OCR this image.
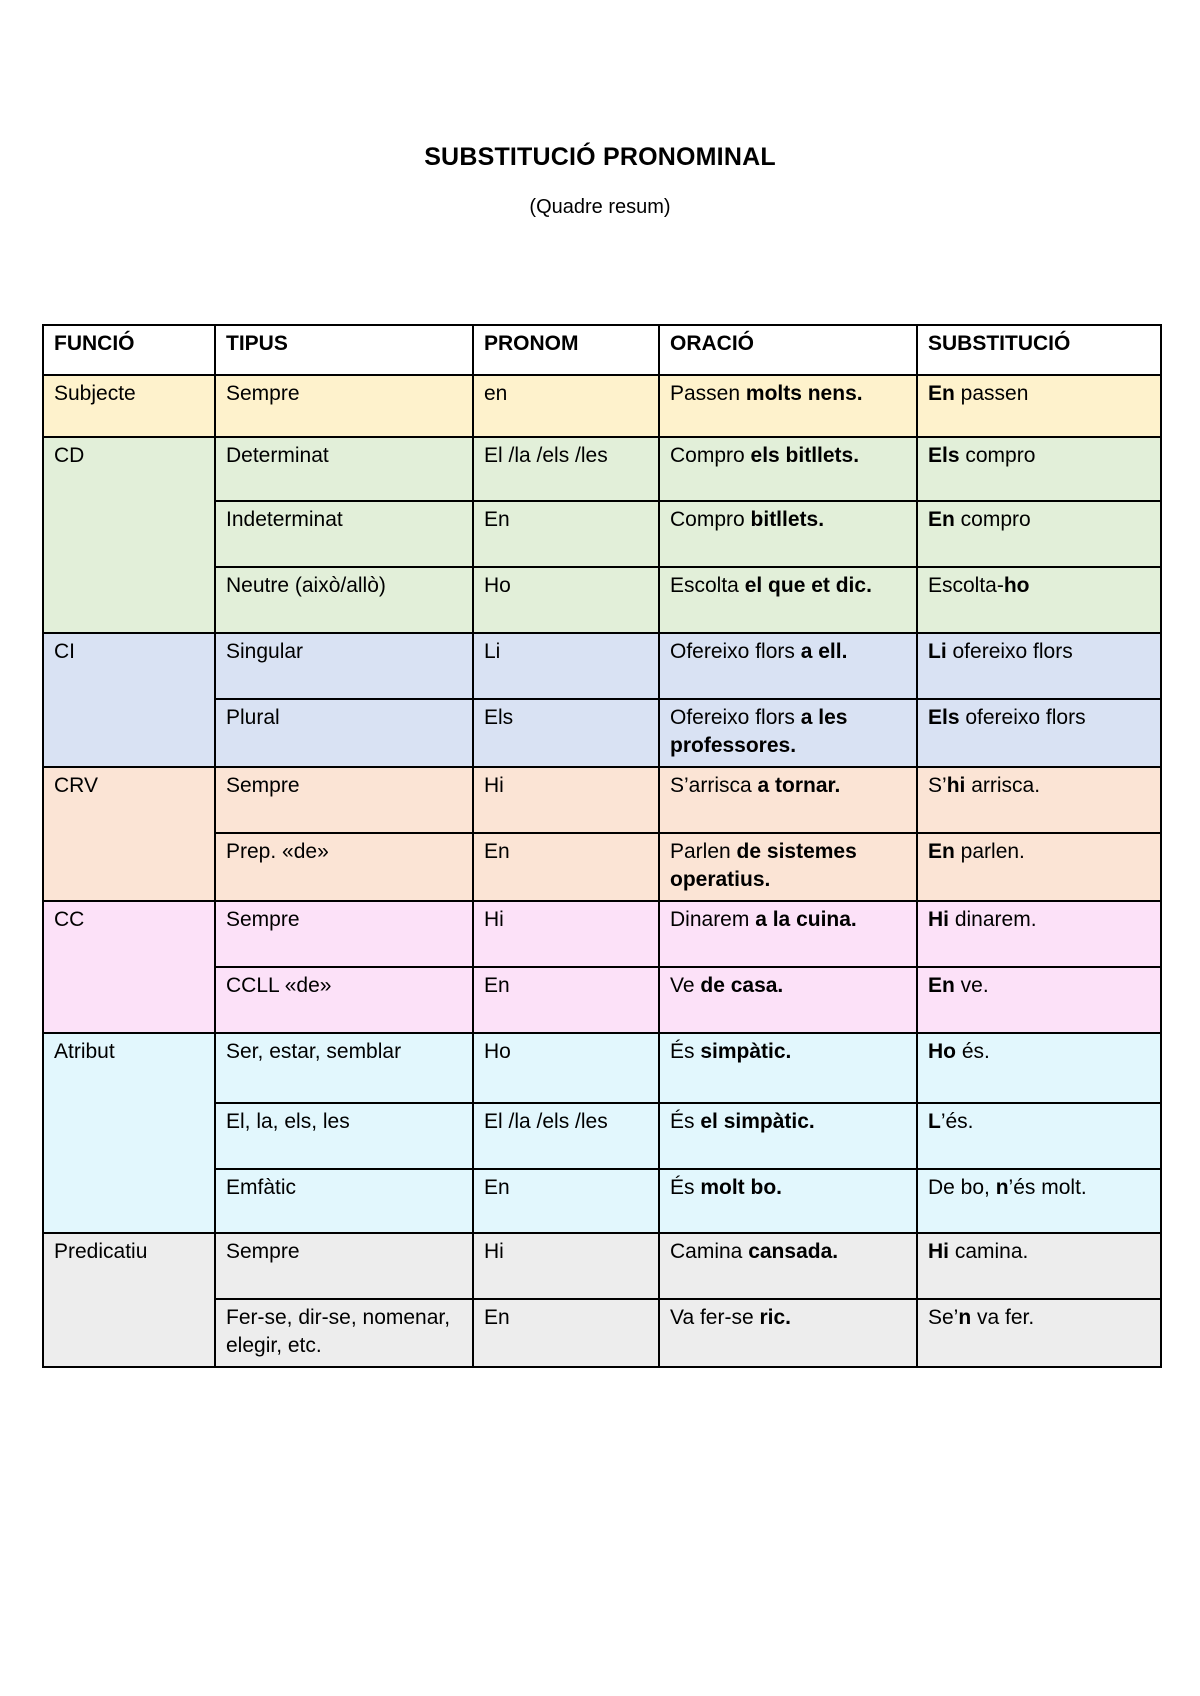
SUBSTITUCIÓ PRONOMINAL
(Quadre resum)
FUNCIÓ	TIPUS	PRONOM	ORACIÓ	SUBSTITUCIÓ
Subjecte	Sempre	en	Passen molts nens.	En passen
CD	Determinat	El /la /els /les	Compro els bitllets.	Els compro
	Indeterminat	En	Compro bitllets.	En compro
	Neutre (això/allò)	Ho	Escolta el que et dic.	Escolta-ho
CI	Singular	Li	Ofereixo flors a ell.	Li ofereixo flors
	Plural	Els	Ofereixo flors a les professores.	Els ofereixo flors
CRV	Sempre	Hi	S’arrisca a tornar.	S’hi arrisca.
	Prep. «de»	En	Parlen de sistemes operatius.	En parlen.
CC	Sempre	Hi	Dinarem a la cuina.	Hi dinarem.
	CCLL «de»	En	Ve de casa.	En ve.
Atribut	Ser, estar, semblar	Ho	És simpàtic.	Ho és.
	El, la, els, les	El /la /els /les	És el simpàtic.	L’és.
	Emfàtic	En	És molt bo.	De bo, n’és molt.
Predicatiu	Sempre	Hi	Camina cansada.	Hi camina.
	Fer-se, dir-se, nomenar, elegir, etc.	En	Va fer-se ric.	Se’n va fer.
